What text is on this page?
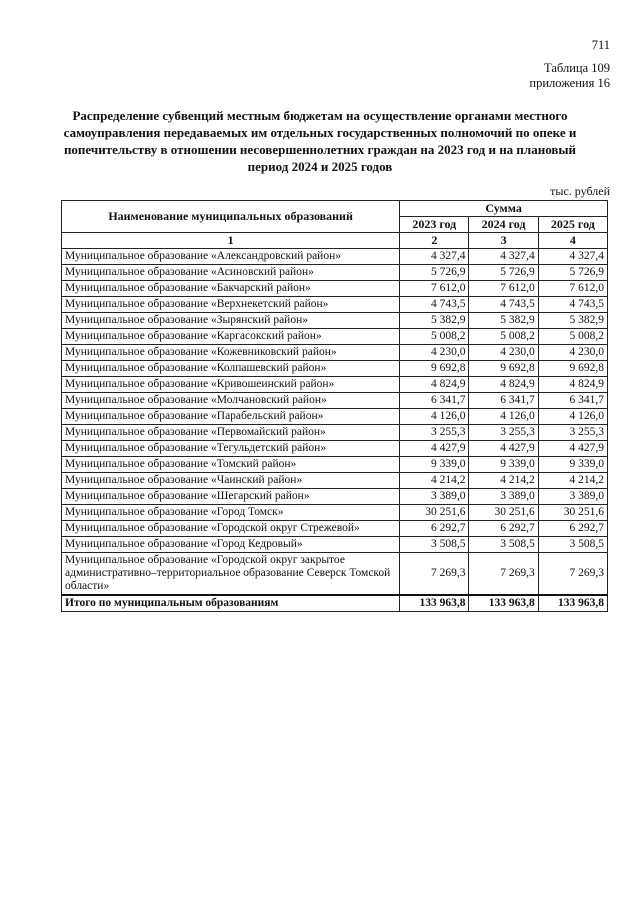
711
Таблица 109
приложения 16
Распределение субвенций местным бюджетам на осуществление органами местного самоуправления передаваемых им отдельных государственных полномочий по опеке и попечительству в отношении несовершеннолетних граждан на 2023 год и на плановый период 2024 и 2025 годов
тыс. рублей
Наименование муниципальных образований	Сумма		
	2023 год	2024 год	2025 год
1	2	3	4
Муниципальное образование «Александровский район»	4 327,4	4 327,4	4 327,4
Муниципальное образование «Асиновский район»	5 726,9	5 726,9	5 726,9
Муниципальное образование «Бакчарский район»	7 612,0	7 612,0	7 612,0
Муниципальное образование «Верхнекетский район»	4 743,5	4 743,5	4 743,5
Муниципальное образование «Зырянский район»	5 382,9	5 382,9	5 382,9
Муниципальное образование «Каргасокский район»	5 008,2	5 008,2	5 008,2
Муниципальное образование «Кожевниковский район»	4 230,0	4 230,0	4 230,0
Муниципальное образование «Колпашевский район»	9 692,8	9 692,8	9 692,8
Муниципальное образование «Кривошеинский район»	4 824,9	4 824,9	4 824,9
Муниципальное образование «Молчановский район»	6 341,7	6 341,7	6 341,7
Муниципальное образование «Парабельский район»	4 126,0	4 126,0	4 126,0
Муниципальное образование «Первомайский район»	3 255,3	3 255,3	3 255,3
Муниципальное образование «Тегульдетский район»	4 427,9	4 427,9	4 427,9
Муниципальное образование «Томский район»	9 339,0	9 339,0	9 339,0
Муниципальное образование «Чаинский район»	4 214,2	4 214,2	4 214,2
Муниципальное образование «Шегарский район»	3 389,0	3 389,0	3 389,0
Муниципальное образование «Город Томск»	30 251,6	30 251,6	30 251,6
Муниципальное образование «Городской округ Стрежевой»	6 292,7	6 292,7	6 292,7
Муниципальное образование «Город Кедровый»	3 508,5	3 508,5	3 508,5
Муниципальное образование «Городской округ закрытое административно–территориальное образование Северск Томской области»	7 269,3	7 269,3	7 269,3
Итого по муниципальным образованиям	133 963,8	133 963,8	133 963,8
